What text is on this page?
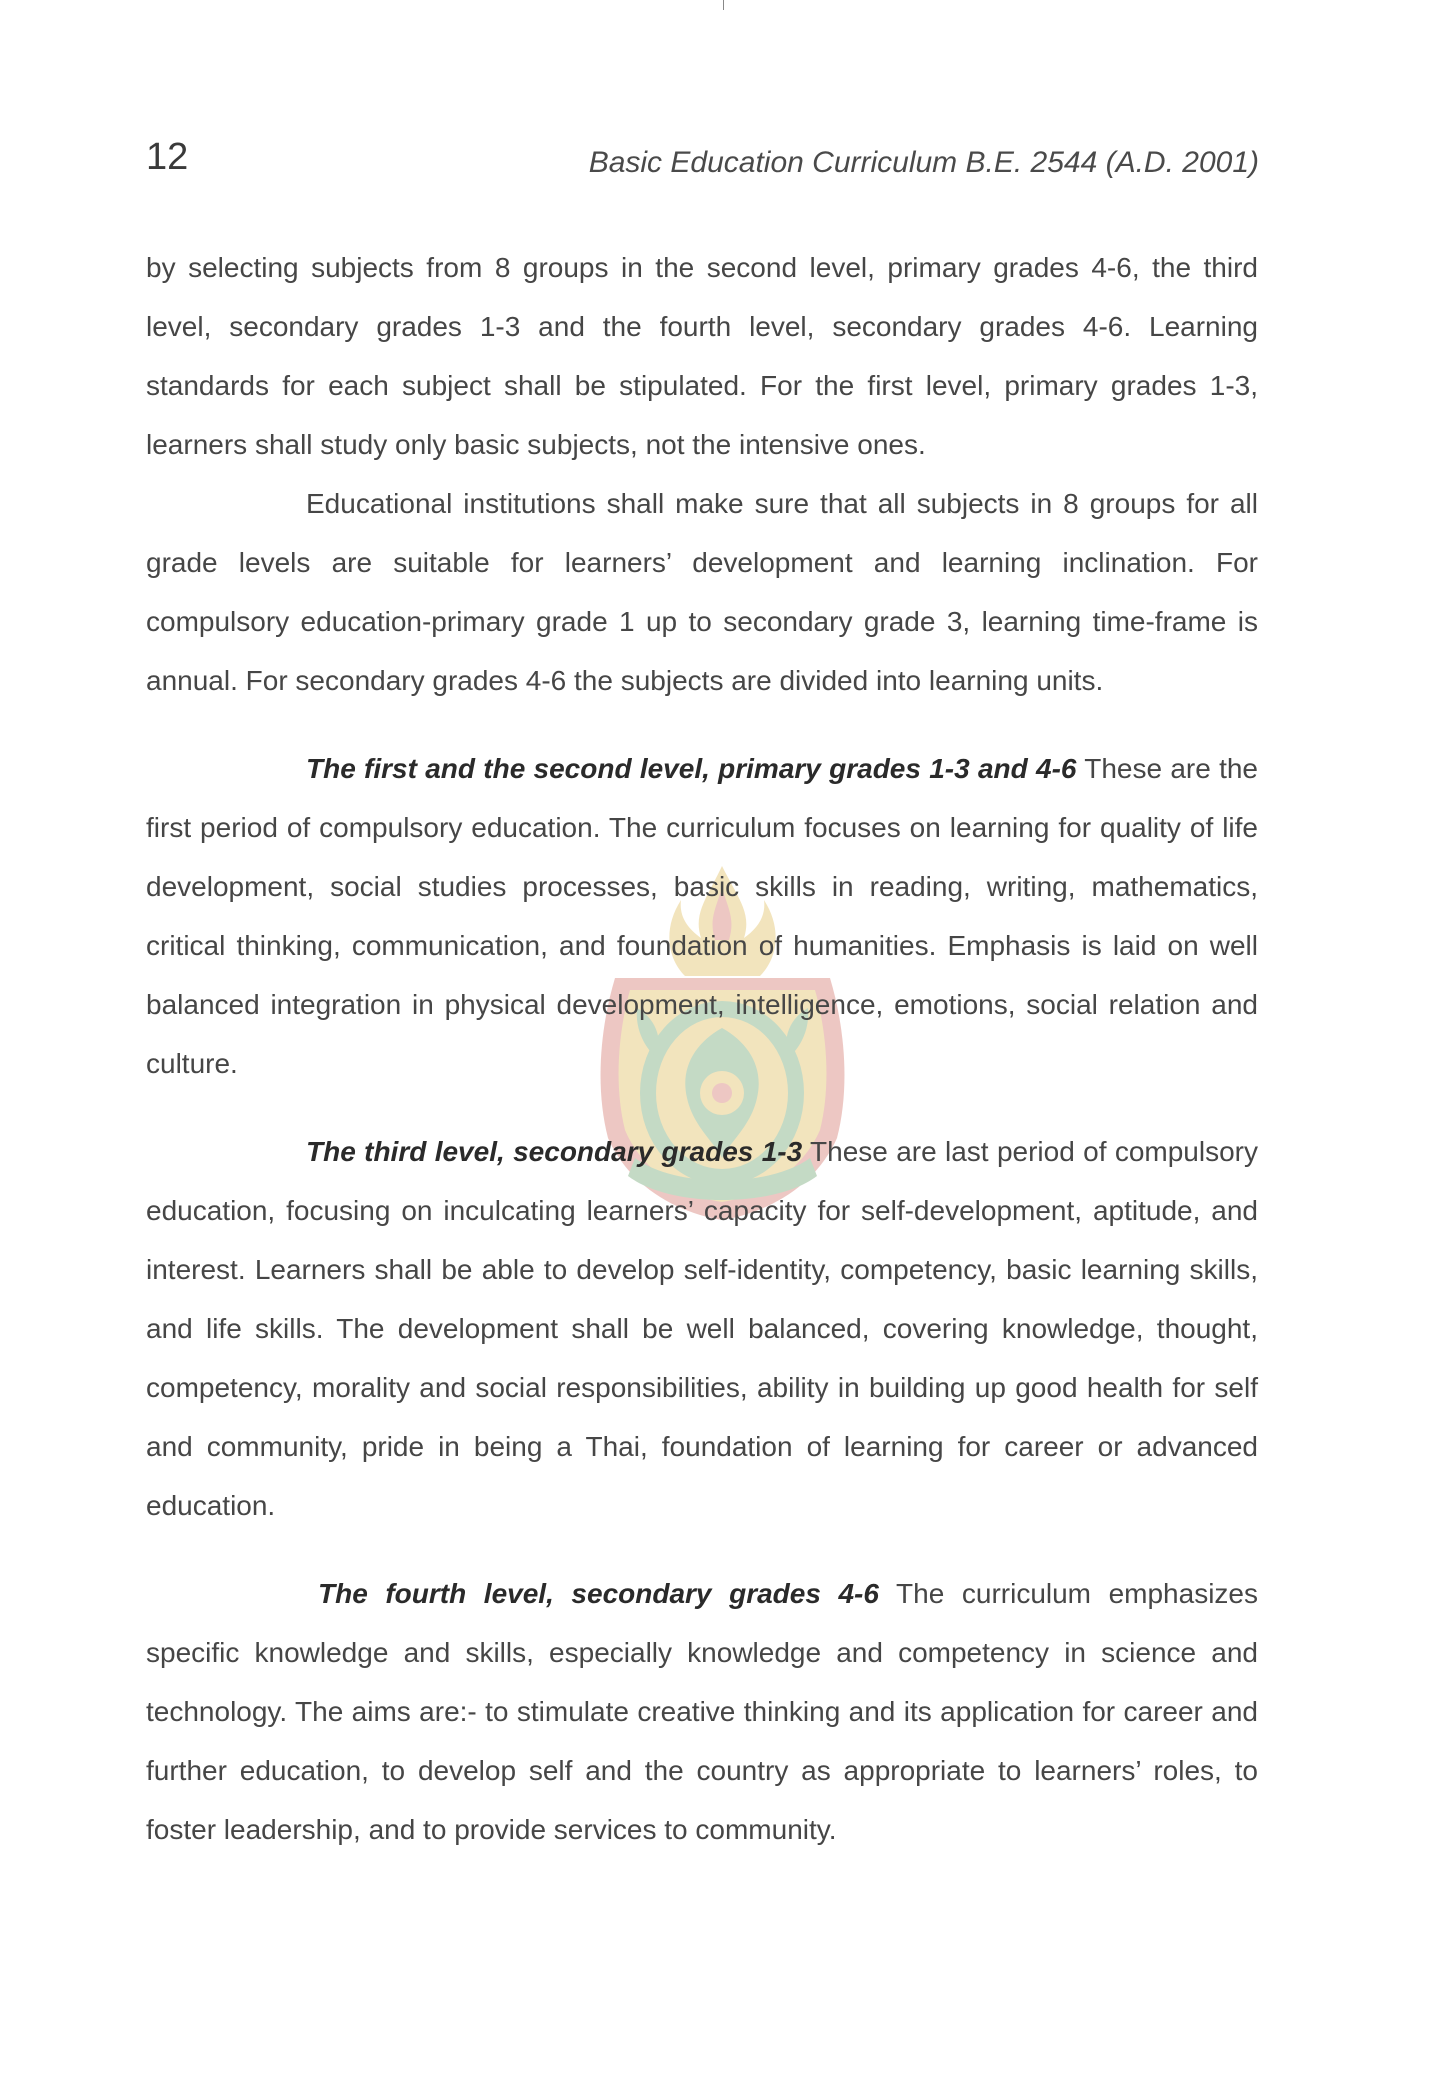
12	Basic Education Curriculum B.E. 2544 (A.D. 2001)

by selecting subjects from 8 groups in the second level, primary grades 4-6, the third level, secondary grades 1-3 and the fourth level, secondary grades 4-6. Learning standards for each subject shall be stipulated. For the first level, primary grades 1-3, learners shall study only basic subjects, not the intensive ones.

Educational institutions shall make sure that all subjects in 8 groups for all grade levels are suitable for learners’ development and learning inclination. For compulsory education-primary grade 1 up to secondary grade 3, learning time-frame is annual. For secondary grades 4-6 the subjects are divided into learning units.

The first and the second level, primary grades 1-3 and 4-6 These are the first period of compulsory education. The curriculum focuses on learning for quality of life development, social studies processes, basic skills in reading, writing, mathematics, critical thinking, communication, and foundation of humanities. Emphasis is laid on well balanced integration in physical development, intelligence, emotions, social relation and culture.

The third level, secondary grades 1-3 These are last period of compulsory education, focusing on inculcating learners’ capacity for self-development, aptitude, and interest. Learners shall be able to develop self-identity, competency, basic learning skills, and life skills. The development shall be well balanced, covering knowledge, thought, competency, morality and social responsibilities, ability in building up good health for self and community, pride in being a Thai, foundation of learning for career or advanced education.

The fourth level, secondary grades 4-6 The curriculum emphasizes specific knowledge and skills, especially knowledge and competency in science and technology. The aims are:- to stimulate creative thinking and its application for career and further education, to develop self and the country as appropriate to learners’ roles, to foster leadership, and to provide services to community.
